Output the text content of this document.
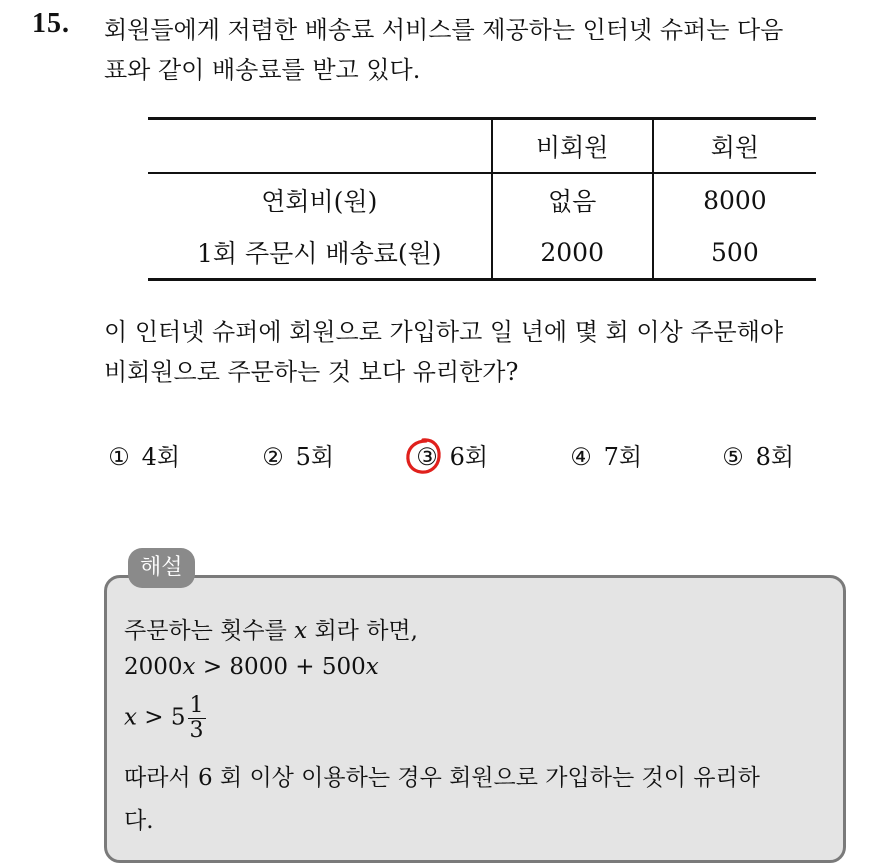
15. 회원들에게 저렴한 배송료 서비스를 제공하는 인터넷 슈퍼는 다음
표와 같이 배송료를 받고 있다.

	비회원	회원
연회비(원)	없음	8000
1회 주문시 배송료(원)	2000	500

이 인터넷 슈퍼에 회원으로 가입하고 일 년에 몇 회 이상 주문해야
비회원으로 주문하는 것 보다 유리한가?

① 4회	② 5회	③ 6회	④ 7회	⑤ 8회
해설
주문하는 횟수를 x 회라 하면,
2000x > 8000 + 500x
$x > 5 \frac{1}{3}$
따라서 6 회 이상 이용하는 경우 회원으로 가입하는 것이 유리하
다.
